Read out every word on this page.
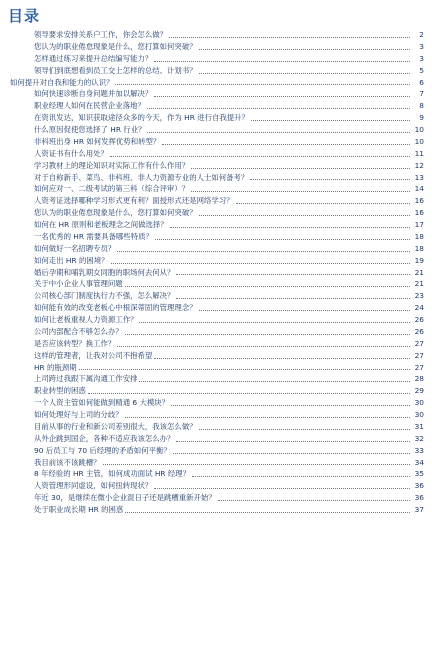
目录
领导要求安排关系户工作，你会怎么做？	2
您认为的职业倦怠现象是什么，您打算如何突破？	3
怎样通过练习来提升总结编写能力？	3
领导们到底想看到员工交上怎样的总结、计划书？	5
如何提升对自我和能力的认识？	6
如何快速诊断自身问题并加以解决？	7
职业经理人如何在民营企业落地？	8
在资讯发达，知识获取途径众多的今天，作为 HR 进行自我提升？	9
什么原因促使您选择了 HR 行业？	10
非科班出身 HR 如何发挥优势和转型？	10
人资证书有什么用处？	11
学习教材上的理论知识对实际工作有什么作用？	12
对于自称新手、菜鸟、非科班、非人力资源专业的人士如何备考？	13
如何应对一、二级考试的第三科（综合评审）？	14
人资考证选择哪种学习形式更有利？面授形式还是网络学习？	16
您认为的职业倦怠现象是什么，您打算如何突破？	16
如何在 HR 原则和老板理念之间做选择？	17
一名优秀的 HR 需要具备哪些特质？	18
如何做好一名招聘专员？	18
如何走出 HR 的困境？	19
婚后孕期和哺乳期女同胞的职场何去何从？	21
关于中小企业人事管理问题	21
公司核心部门制度执行力不强，怎么解决？	23
如何能有效的改变老板心中根深蒂固的管理理念？	24
如何让老板重视人力资源工作？	26
公司内部配合不够怎么办？	26
是否应该转型？换工作？	27
这样的管理者，让我对公司不抱希望	27
HR 的瓶颈期	27
上司跨过我跟下属沟通工作安排	28
职业转型的困惑	29
一个人资主管如何能做到精通 6 大模块？	30
如何处理好与上司的分歧？	30
目前从事的行业和新公司差别很大，我该怎么做？	31
从外企跳到国企，各种不适应我该怎么办？	32
90 后员工与 70 后经理的矛盾如何平衡？	33
我目前该不该跳槽？	34
8 年经验的 HR 主管，如何成功面试 HR 经理？	35
人资管理形同虚设，如何扭转现状？	36
年近 30，是继续在微小企业混日子还是跳槽重新开始？	36
处于职业成长期 HR 的困惑	37
